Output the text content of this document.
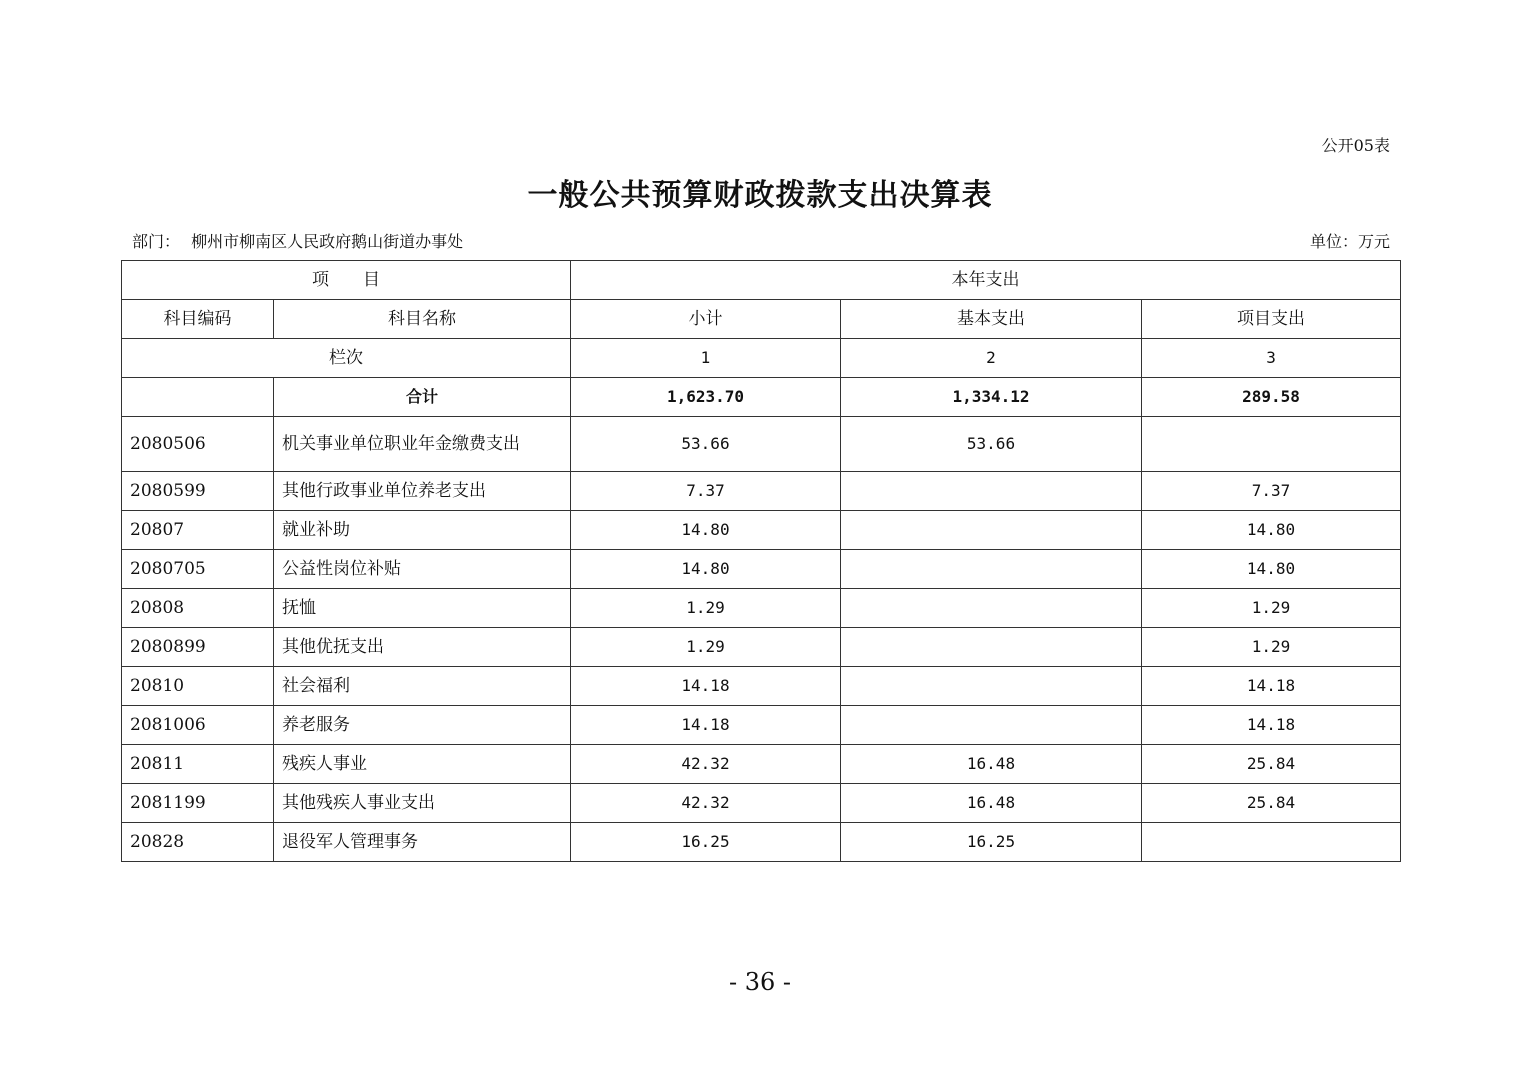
公开05表
一般公共预算财政拨款支出决算表
部门： 柳州市柳南区人民政府鹅山街道办事处	单位：万元
项　　目		本年支出		
科目编码	科目名称	小计	基本支出	项目支出
栏次		1	2	3
	合计	1,623.70	1,334.12	289.58
2080506	机关事业单位职业年金缴费支出	53.66	53.66	
2080599	其他行政事业单位养老支出	7.37		7.37
20807	就业补助	14.80		14.80
2080705	公益性岗位补贴	14.80		14.80
20808	抚恤	1.29		1.29
2080899	其他优抚支出	1.29		1.29
20810	社会福利	14.18		14.18
2081006	养老服务	14.18		14.18
20811	残疾人事业	42.32	16.48	25.84
2081199	其他残疾人事业支出	42.32	16.48	25.84
20828	退役军人管理事务	16.25	16.25	
- 36 -
